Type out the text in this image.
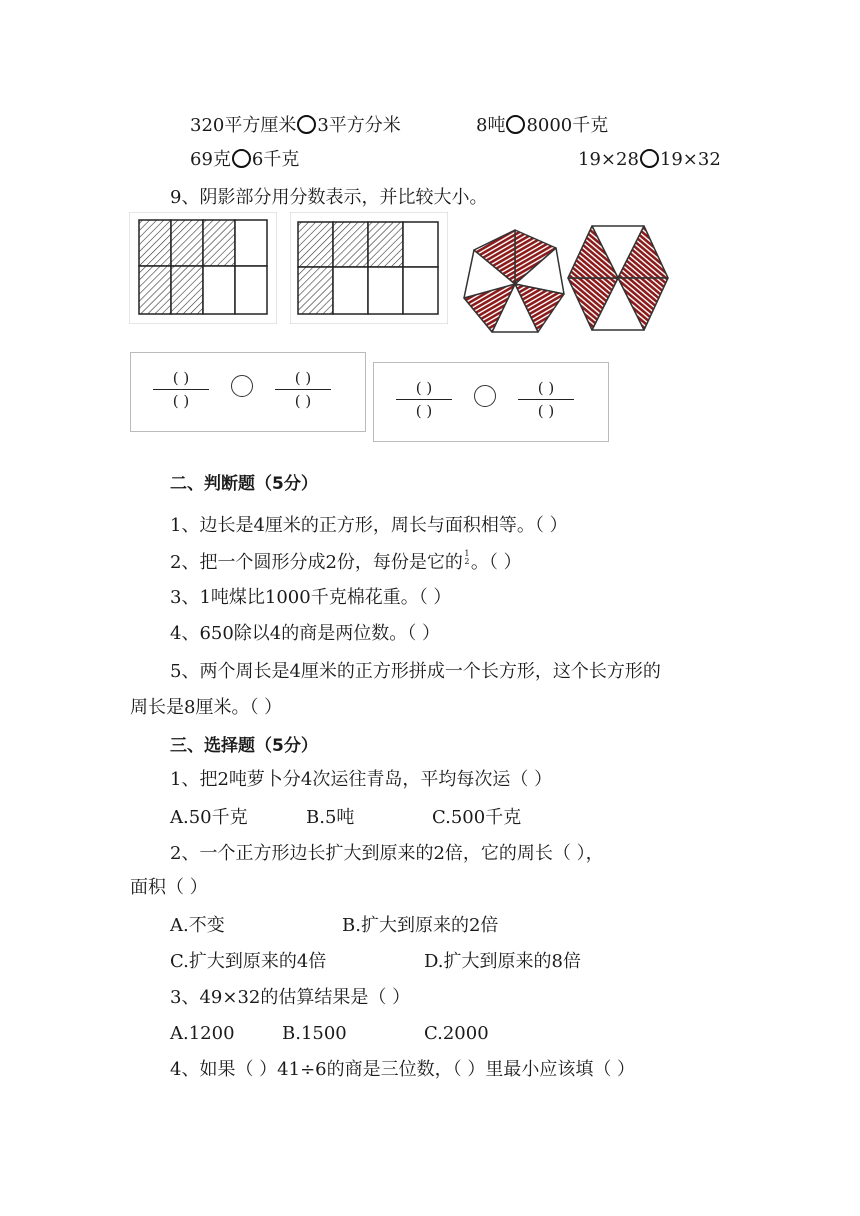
320平方厘米 3平方分米	8吨 8000千克
69克 6千克	19×28 19×32
9、阴影部分用分数表示，并比较大小。
( )
( )
( )
( )
( )
( )
( )
( )
二、判断题（5分）
1、边长是4厘米的正方形，周长与面积相等。（ ）
2、把一个圆形分成2份，每份是它的 1
2 。（ ）
3、1吨煤比1000千克棉花重。（ ）
4、650除以4的商是两位数。（ ）
5、两个周长是4厘米的正方形拼成一个长方形，这个长方形的
周长是8厘米。（ ）
三、选择题（5分）
1、把2吨萝卜分4次运往青岛，平均每次运（ ）
A.50千克	B.5吨	C.500千克
2、一个正方形边长扩大到原来的2倍，它的周长（ ），
面积（ ）
A.不变	B.扩大到原来的2倍
C.扩大到原来的4倍	D.扩大到原来的8倍
3、49×32的估算结果是（ ）
A.1200	B.1500	C.2000
4、如果（ ）41÷6的商是三位数，（ ）里最小应该填（ ）
